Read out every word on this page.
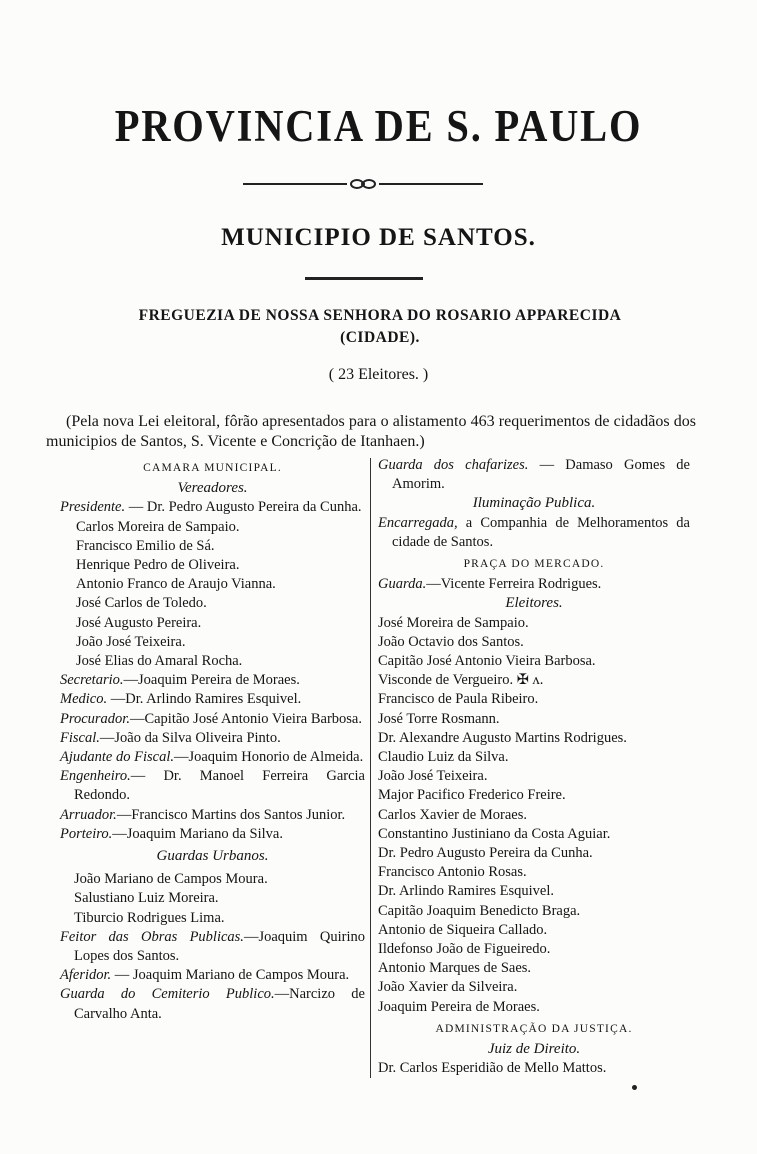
PROVINCIA DE S. PAULO
MUNICIPIO DE SANTOS.
FREGUEZIA DE NOSSA SENHORA DO ROSARIO APPARECIDA
(CIDADE).
( 23 Eleitores. )

(Pela nova Lei eleitoral, fôrão apresentados para o alistamento 463 requerimentos de cidadãos dos municipios de Santos, S. Vicente e Concrição de Itanhaen.)

CAMARA MUNICIPAL.
Vereadores.

Presidente. — Dr. Pedro Augusto Pereira da Cunha.

Carlos Moreira de Sampaio.

Francisco Emilio de Sá.

Henrique Pedro de Oliveira.

Antonio Franco de Araujo Vianna.

José Carlos de Toledo.

José Augusto Pereira.

João José Teixeira.

José Elias do Amaral Rocha.

Secretario.—Joaquim Pereira de Moraes.

Medico. —Dr. Arlindo Ramires Esquivel.

Procurador.—Capitão José Antonio Vieira Barbosa.

Fiscal.—João da Silva Oliveira Pinto.

Ajudante do Fiscal.—Joaquim Honorio de Almeida.

Engenheiro.— Dr. Manoel Ferreira Garcia Redondo.

Arruador.—Francisco Martins dos Santos Junior.

Porteiro.—Joaquim Mariano da Silva.

Guardas Urbanos.

João Mariano de Campos Moura.

Salustiano Luiz Moreira.

Tiburcio Rodrigues Lima.

Feitor das Obras Publicas.—Joaquim Quirino Lopes dos Santos.

Aferidor. — Joaquim Mariano de Campos Moura.

Guarda do Cemiterio Publico.—Narcizo de Carvalho Anta.

Guarda dos chafarizes. — Damaso Gomes de Amorim.

Iluminação Publica.

Encarregada, a Companhia de Melhoramentos da cidade de Santos.

PRAÇA DO MERCADO.

Guarda.—Vicente Ferreira Rodrigues.

Eleitores.

José Moreira de Sampaio.

João Octavio dos Santos.

Capitão José Antonio Vieira Barbosa.

Visconde de Vergueiro. ✠ ᴧ.

Francisco de Paula Ribeiro.

José Torre Rosmann.

Dr. Alexandre Augusto Martins Rodrigues.

Claudio Luiz da Silva.

João José Teixeira.

Major Pacifico Frederico Freire.

Carlos Xavier de Moraes.

Constantino Justiniano da Costa Aguiar.

Dr. Pedro Augusto Pereira da Cunha.

Francisco Antonio Rosas.

Dr. Arlindo Ramires Esquivel.

Capitão Joaquim Benedicto Braga.

Antonio de Siqueira Callado.

Ildefonso João de Figueiredo.

Antonio Marques de Saes.

João Xavier da Silveira.

Joaquim Pereira de Moraes.

ADMINISTRAÇÃO DA JUSTIÇA.
Juiz de Direito.

Dr. Carlos Esperidião de Mello Mattos.
